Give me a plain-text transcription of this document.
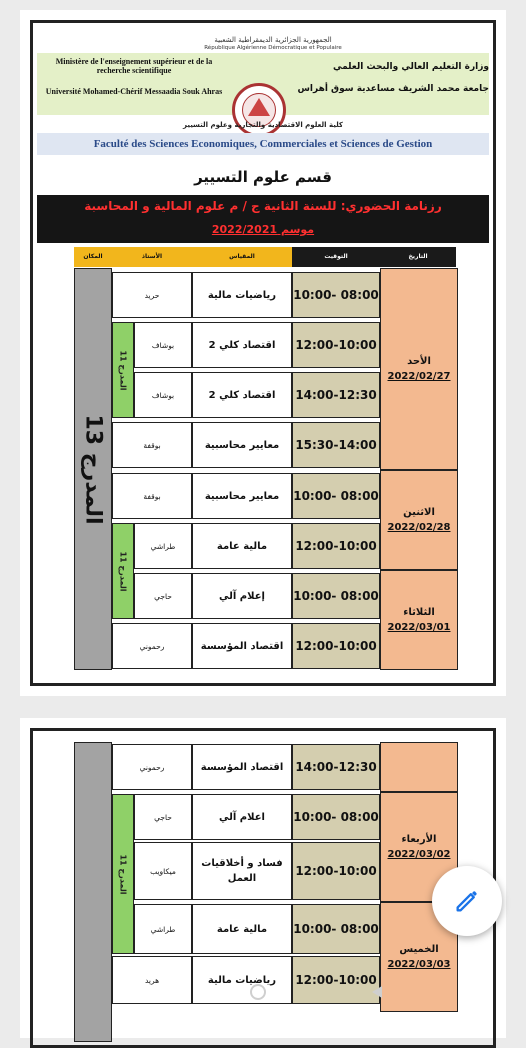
الجمهورية الجزائرية الديمقراطية الشعبية
République Algérienne Démocratique et Populaire
Ministère de l'enseignement supérieur et de la recherche scientifique
Université Mohamed-Chérif Messaadia Souk Ahras
وزارة التعليم العالي والبحث العلمي
جامعة محمد الشريف مساعدية سوق أهراس
كلية العلوم الاقتصادية والتجارية وعلوم التسيير
Faculté des Sciences Economiques, Commerciales et Sciences de Gestion
قسم علوم التسيير
رزنامة الحضوري: للسنة الثانية ج / م علوم المالية و المحاسبة
موسم 2022/2021
التاريخ
التوقيت
المقياس
الأستاذ
المكان
المدرج 13
الأحد
2022/02/27
الاثنين
2022/02/28
الثلاثاء
2022/03/01
10:00- 08:00
رياضيات مالية
حريد
12:00-10:00
اقتصاد كلي 2
بوشاف
14:00-12:30
اقتصاد كلي 2
بوشاف
المدرج 11
15:30-14:00
معايير محاسبية
بوقفة
10:00- 08:00
معايير محاسبية
بوقفة
12:00-10:00
مالية عامة
طراشي
10:00- 08:00
إعلام آلي
حاجي
المدرج 11
12:00-10:00
اقتصاد المؤسسة
رحموني
الأربعاء
2022/03/02
الخميس
2022/03/03
14:00-12:30
اقتصاد المؤسسة
رحموني
10:00- 08:00
اعلام آلي
حاجي
12:00-10:00
فساد و أخلاقيات العمل
ميكاويب
المدرج 11
10:00- 08:00
مالية عامة
طراشي
12:00-10:00
رياضيات مالية
هريد
